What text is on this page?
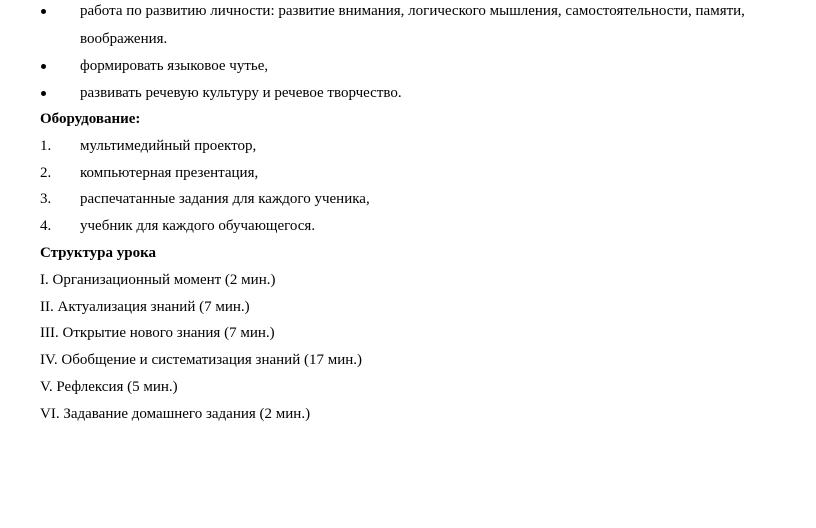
работа по развитию личности: развитие внимания, логического мышления, самостоятельности, памяти,
воображения.
формировать языковое чутье,
развивать речевую культуру и речевое творчество.
Оборудование:
1. мультимедийный проектор,
2. компьютерная презентация,
3. распечатанные задания для каждого ученика,
4. учебник для каждого обучающегося.
Структура урока
I. Организационный момент (2 мин.)
II. Актуализация знаний (7 мин.)
III. Открытие нового знания (7 мин.)
IV. Обобщение и систематизация знаний (17 мин.)
V. Рефлексия (5 мин.)
VI. Задавание домашнего задания (2 мин.)
